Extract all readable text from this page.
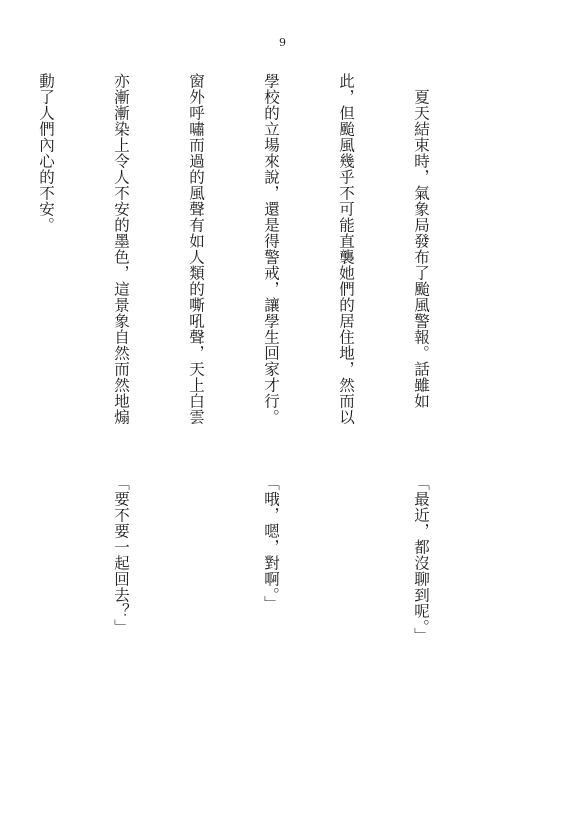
9

　夏天結束時，氣象局發布了颱風警報。話雖如

此，但颱風幾乎不可能直襲她們的居住地，然而以

學校的立場來說，還是得警戒，讓學生回家才行。

窗外呼嘯而過的風聲有如人類的嘶吼聲，天上白雲

亦漸漸染上令人不安的墨色，這景象自然而然地煽

動了人們內心的不安。

「最近，都沒聊到呢。」

「哦，嗯，對啊。」

「要不要一起回去？」
